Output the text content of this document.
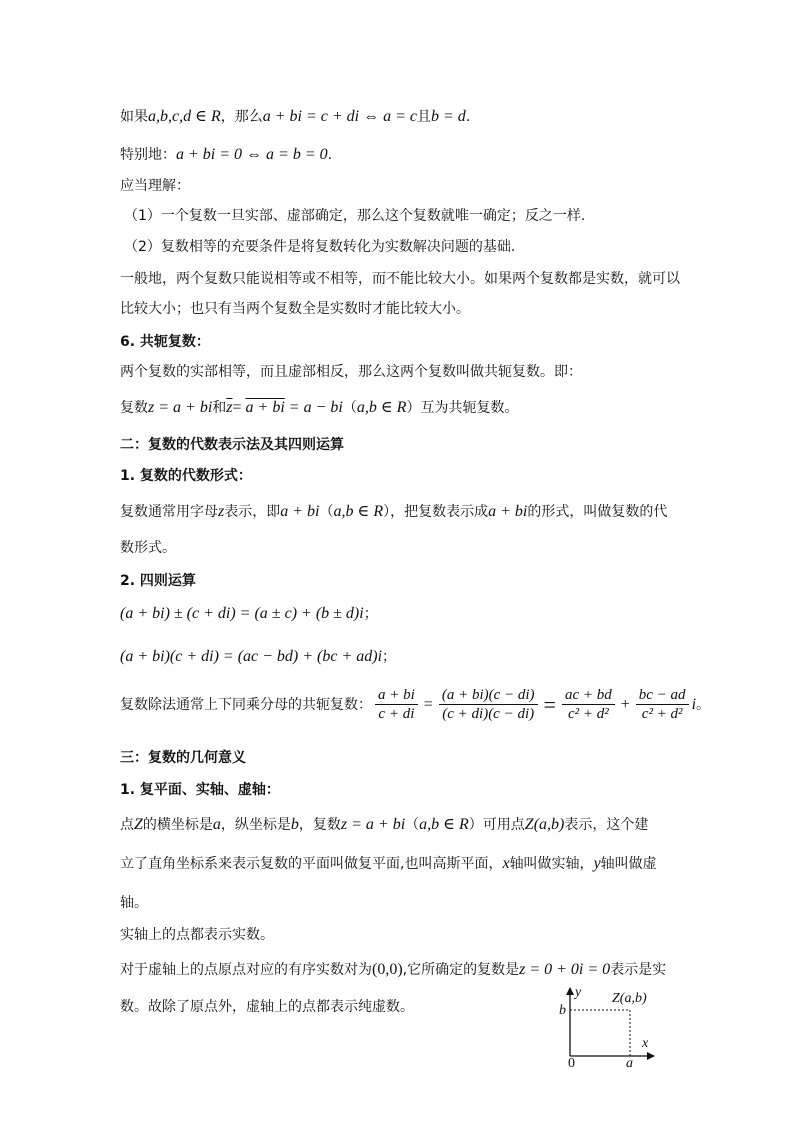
如果a,b,c,d ∈ R，那么a + bi = c + di ⇔ a = c且b = d.
特别地：a + bi = 0 ⇔ a = b = 0.
应当理解：
（1）一个复数一旦实部、虚部确定，那么这个复数就唯一确定；反之一样.
（2）复数相等的充要条件是将复数转化为实数解决问题的基础.
一般地，两个复数只能说相等或不相等，而不能比较大小。如果两个复数都是实数，就可以
比较大小；也只有当两个复数全是实数时才能比较大小。
6. 共轭复数：
两个复数的实部相等，而且虚部相反，那么这两个复数叫做共轭复数。即：
复数z = a + bi和$\overline{z}= a$ + bi = a − bi（a,b ∈ R）互为共轭复数。
二：复数的代数表示法及其四则运算
1. 复数的代数形式：
复数通常用字母z表示，即a + bi（a,b ∈ R），把复数表示成a + bi的形式，叫做复数的代
数形式。
2. 四则运算
(a + bi) ± (c + di) = (a ± c) + (b ± d)i；
(a + bi)(c + di) = (ac − bd) + (bc + ad)i；
复数除法通常上下同乘分母的共轭复数： $\frac{a + bi}{c + di} = \frac{(a + bi)(c - di)}{(c + di)(c - di)} = \frac{ac + bd}{\text{c² + d²}} + \frac{bc - ad}{\text{c² + d²}}$ i 。
三：复数的几何意义
1. 复平面、实轴、虚轴：
点Z的横坐标是a，纵坐标是b，复数z = a + bi（a,b ∈ R）可用点Z(a,b)表示，这个建
立了直角坐标系来表示复数的平面叫做复平面,也叫高斯平面，x轴叫做实轴，y轴叫做虚
轴。
实轴上的点都表示实数。
对于虚轴上的点原点对应的有序实数对为(0,0),它所确定的复数是z = 0 + 0i = 0表示是实
数。故除了原点外，虚轴上的点都表示纯虚数。
y
x
b
a
0
Z(a,b)
